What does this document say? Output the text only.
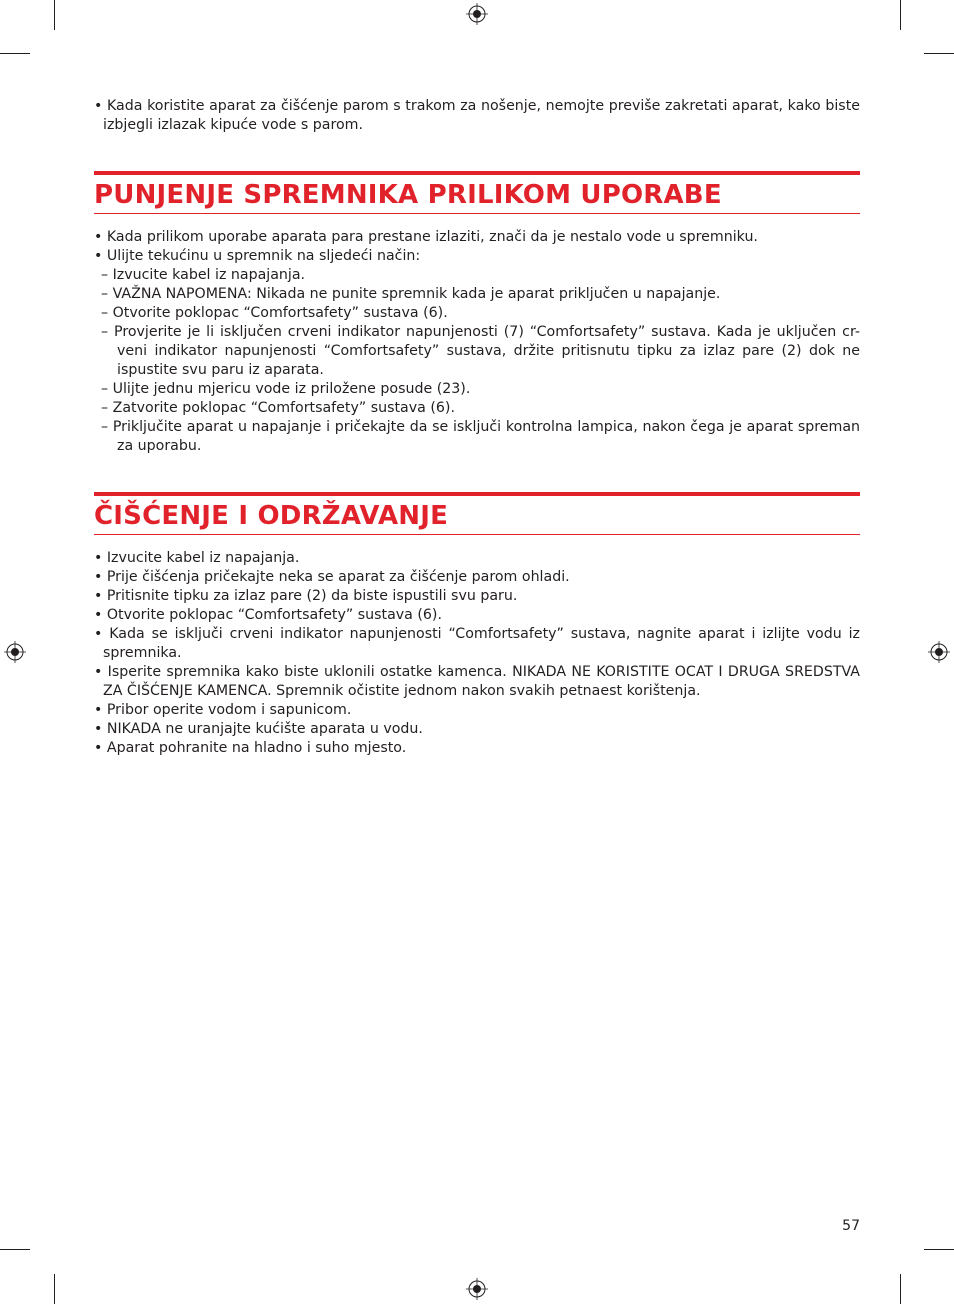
• Kada koristite aparat za čišćenje parom s trakom za nošenje, nemojte previše zakretati aparat, kako biste
izbjegli izlazak kipuće vode s parom.
PUNJENJE SPREMNIKA PRILIKOM UPORABE
• Kada prilikom uporabe aparata para prestane izlaziti, znači da je nestalo vode u spremniku.
• Ulijte tekućinu u spremnik na sljedeći način:
– Izvucite kabel iz napajanja.
– VAŽNA NAPOMENA: Nikada ne punite spremnik kada je aparat priključen u napajanje.
– Otvorite poklopac “Comfortsafety” sustava (6).
– Provjerite je li isključen crveni indikator napunjenosti (7) “Comfortsafety” sustava. Kada je uključen cr-
veni indikator napunjenosti “Comfortsafety” sustava, držite pritisnutu tipku za izlaz pare (2) dok ne
ispustite svu paru iz aparata.
– Ulijte jednu mjericu vode iz priložene posude (23).
– Zatvorite poklopac “Comfortsafety” sustava (6).
– Priključite aparat u napajanje i pričekajte da se isključi kontrolna lampica, nakon čega je aparat spreman
za uporabu.
ČIŠĆENJE I ODRŽAVANJE
• Izvucite kabel iz napajanja.
• Prije čišćenja pričekajte neka se aparat za čišćenje parom ohladi.
• Pritisnite tipku za izlaz pare (2) da biste ispustili svu paru.
• Otvorite poklopac “Comfortsafety” sustava (6).
• Kada se isključi crveni indikator napunjenosti “Comfortsafety” sustava, nagnite aparat i izlijte vodu iz
spremnika.
• Isperite spremnika kako biste uklonili ostatke kamenca. NIKADA NE KORISTITE OCAT I DRUGA SREDSTVA
ZA ČIŠĆENJE KAMENCA. Spremnik očistite jednom nakon svakih petnaest korištenja.
• Pribor operite vodom i sapunicom.
• NIKADA ne uranjajte kućište aparata u vodu.
• Aparat pohranite na hladno i suho mjesto.
57
